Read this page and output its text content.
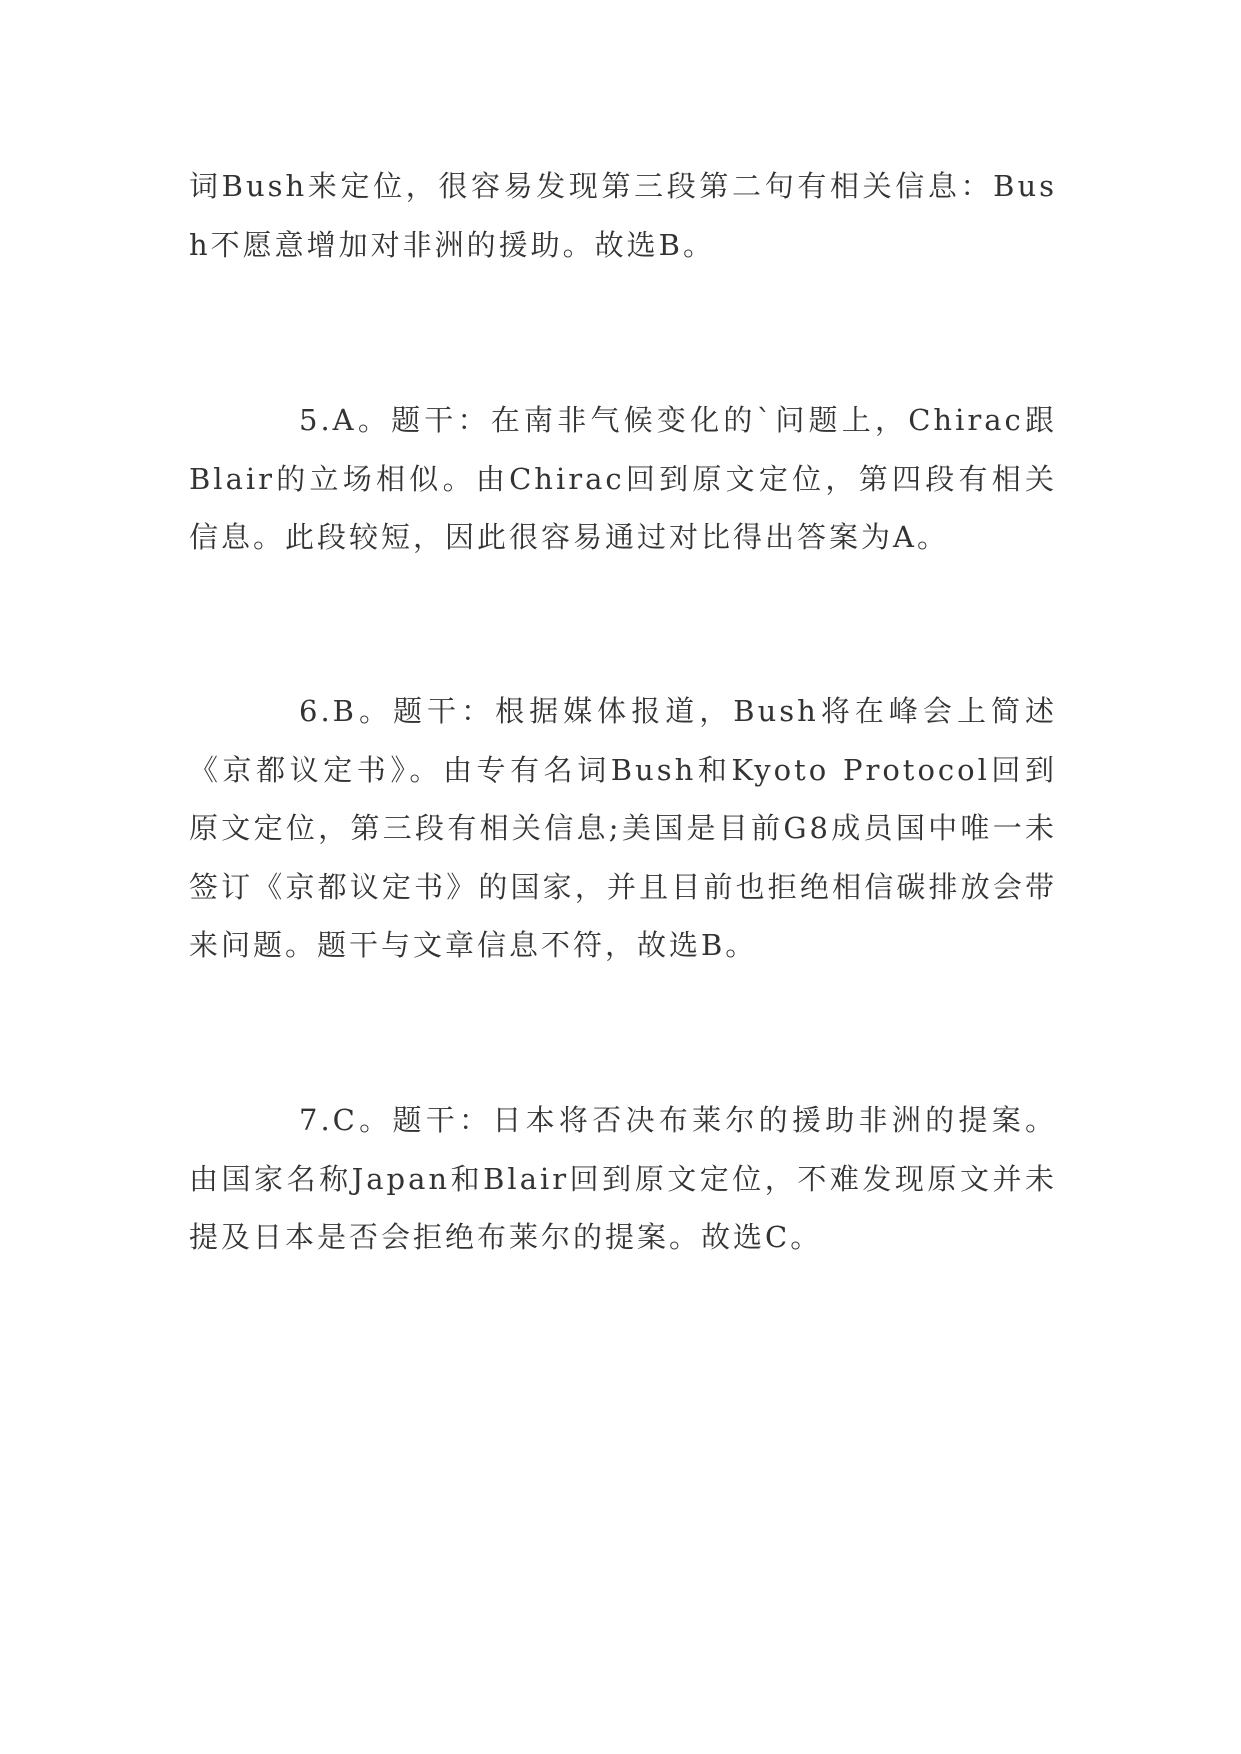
词Bush来定位，很容易发现第三段第二句有相关信息：Bush不愿意增加对非洲的援助。故选B。

5.A。题干：在南非气候变化的`问题上，Chirac跟Blair的立场相似。由Chirac回到原文定位，第四段有相关信息。此段较短，因此很容易通过对比得出答案为A。

6.B。题干：根据媒体报道，Bush将在峰会上简述《京都议定书》。由专有名词Bush和Kyoto Protocol回到原文定位，第三段有相关信息;美国是目前G8成员国中唯一未签订《京都议定书》的国家，并且目前也拒绝相信碳排放会带来问题。题干与文章信息不符，故选B。

7.C。题干：日本将否决布莱尔的援助非洲的提案。由国家名称Japan和Blair回到原文定位，不难发现原文并未提及日本是否会拒绝布莱尔的提案。故选C。
